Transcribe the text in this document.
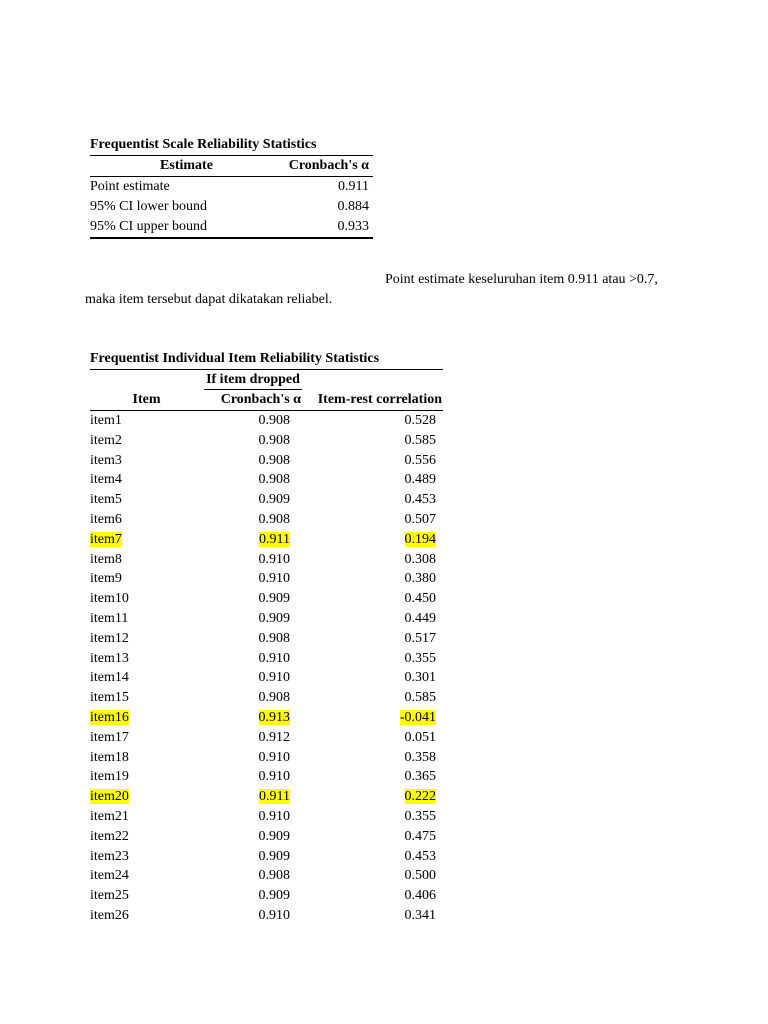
Frequentist Scale Reliability Statistics
Estimate	Cronbach's α
Point estimate	0.911
95% CI lower bound	0.884
95% CI upper bound	0.933

Point estimate keseluruhan item 0.911 atau >0.7, maka item tersebut dapat dikatakan reliabel.

Frequentist Individual Item Reliability Statistics
	If item dropped	
Item	Cronbach's α	Item-rest correlation
item1	0.908	0.528
item2	0.908	0.585
item3	0.908	0.556
item4	0.908	0.489
item5	0.909	0.453
item6	0.908	0.507
item7	0.911	0.194
item8	0.910	0.308
item9	0.910	0.380
item10	0.909	0.450
item11	0.909	0.449
item12	0.908	0.517
item13	0.910	0.355
item14	0.910	0.301
item15	0.908	0.585
item16	0.913	-0.041
item17	0.912	0.051
item18	0.910	0.358
item19	0.910	0.365
item20	0.911	0.222
item21	0.910	0.355
item22	0.909	0.475
item23	0.909	0.453
item24	0.908	0.500
item25	0.909	0.406
item26	0.910	0.341
